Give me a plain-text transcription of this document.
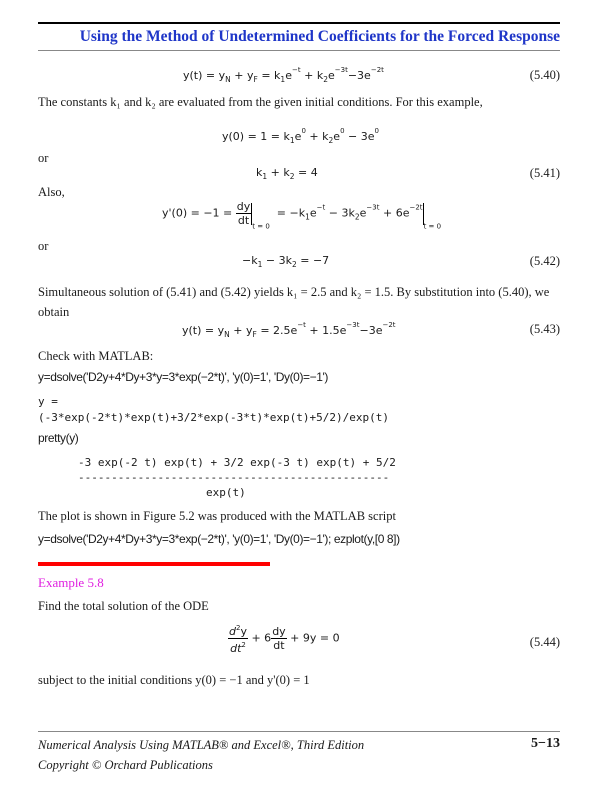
Using the Method of Undetermined Coefficients for the Forced Response
$y(t) = y_N + y_F = k_1e^{-t} + k_2e^{-3t}-3e^{-2t}$	(5.40)
The constants k₁ and k₂ are evaluated from the given initial conditions. For this example,
$y(0) = 1 = k_1e^0 + k_2e^0 - 3e^0$
or
$k_1 + k_2 = 4$	(5.41)
Also,
$y'(0) = -1 = \frac{dy}{dt} _{t = 0} = -k_1e^{-t} - 3k_2e^{-3t} + 6e^{-2t}_{t = 0}$
or
$-k_1 - 3k_2 = -7$	(5.42)
Simultaneous solution of (5.41) and (5.42) yields k₁ = 2.5 and k₂ = 1.5. By substitution into (5.40), we obtain
$y(t) = y_N + y_F = 2.5e^{-t} + 1.5e^{-3t}-3e^{-2t}$	(5.43)
Check with MATLAB:
y=dsolve('D2y+4*Dy+3*y=3*exp(−2*t)', 'y(0)=1', 'Dy(0)=−1')
y =
(-3*exp(-2*t)*exp(t)+3/2*exp(-3*t)*exp(t)+5/2)/exp(t)
pretty(y)
-3 exp(-2 t) exp(t) + 3/2 exp(-3 t) exp(t) + 5/2
-----------------------------------------------
exp(t)
The plot is shown in Figure 5.2 was produced with the MATLAB script
y=dsolve('D2y+4*Dy+3*y=3*exp(−2*t)', 'y(0)=1', 'Dy(0)=−1'); ezplot(y,[0 8])
Example 5.8
Find the total solution of the ODE
$\frac{d^2y}{dt^2} + 6 \frac{dy}{dt} + 9y = 0$	(5.44)
subject to the initial conditions y(0) = −1 and y'(0) = 1
Numerical Analysis Using MATLAB® and Excel®, Third Edition	5−13
Copyright © Orchard Publications
